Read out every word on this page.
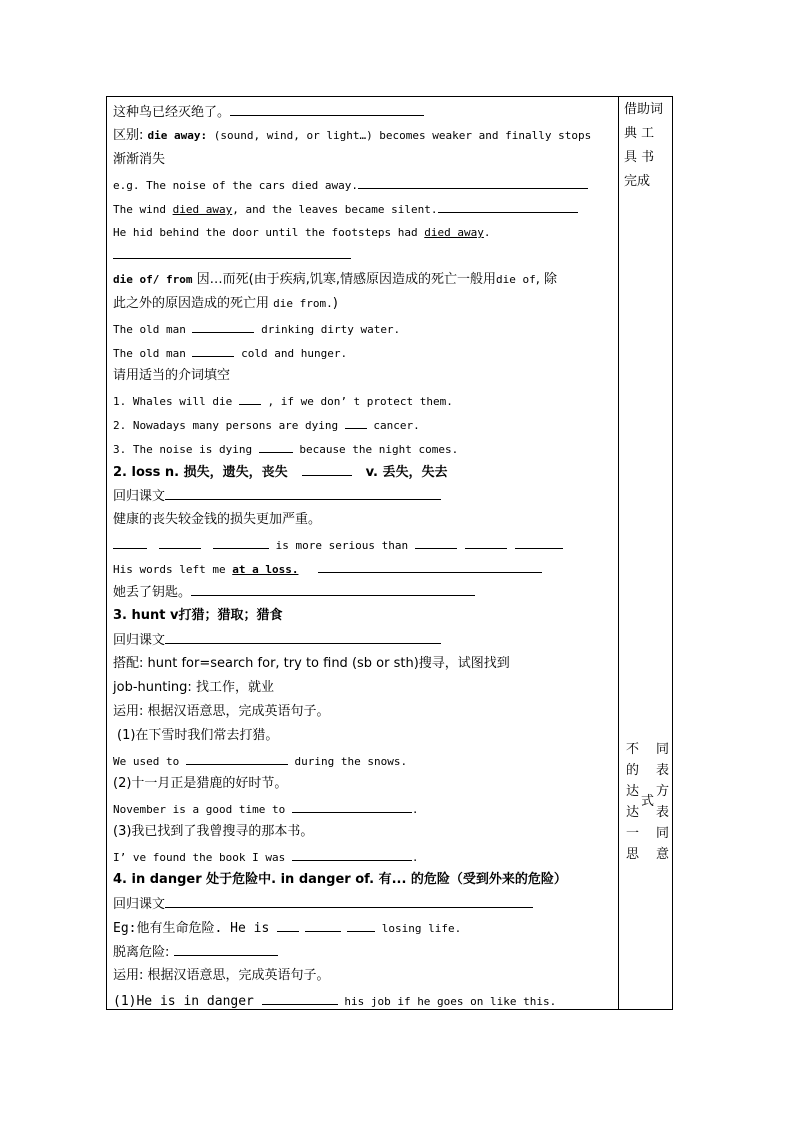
这种鸟已经灭绝了。
区别: die away: (sound, wind, or light…) becomes weaker and finally stops
渐渐消失
e.g. The noise of the cars died away.
The wind died away, and the leaves became silent.
He hid behind the door until the footsteps had died away.
die of/ from 因…而死(由于疾病,饥寒,情感原因造成的死亡一般用die of, 除
此之外的原因造成的死亡用 die from.)
The old man	drinking dirty water.
The old man	cold and hunger.
请用适当的介词填空
1. Whales will die  , if we don’ t protect them.
2. Nowadays many persons are dying  cancer.
3. The noise is dying	because the night comes.
2. loss n. 损失，遗失，丧失	v. 丢失，失去
回归课文
健康的丧失较金钱的损失更加严重。
is more serious than
His words left me at a loss.
她丢了钥匙。
3. hunt v打猎；猎取；猎食
回归课文
搭配: hunt for=search for, try to find (sb or sth)搜寻，试图找到
job-hunting: 找工作，就业
运用: 根据汉语意思，完成英语句子。
(1)在下雪时我们常去打猎。
We used to	during the snows.
(2)十一月正是猎鹿的好时节。
November is a good time to	.
(3)我已找到了我曾搜寻的那本书。
I’ ve found the book I was	.
4. in danger 处于危险中. in danger of. 有... 的危险（受到外来的危险）
回归课文
Eg:他有生命危险. He is	losing life.
脱离危险:
运用: 根据汉语意思，完成英语句子。
(1)He is in danger	his job if he goes on like this.
借助词
典 工
具 书
完成
不
的
达
达
一
思
式
同
表
方
表
同
意
